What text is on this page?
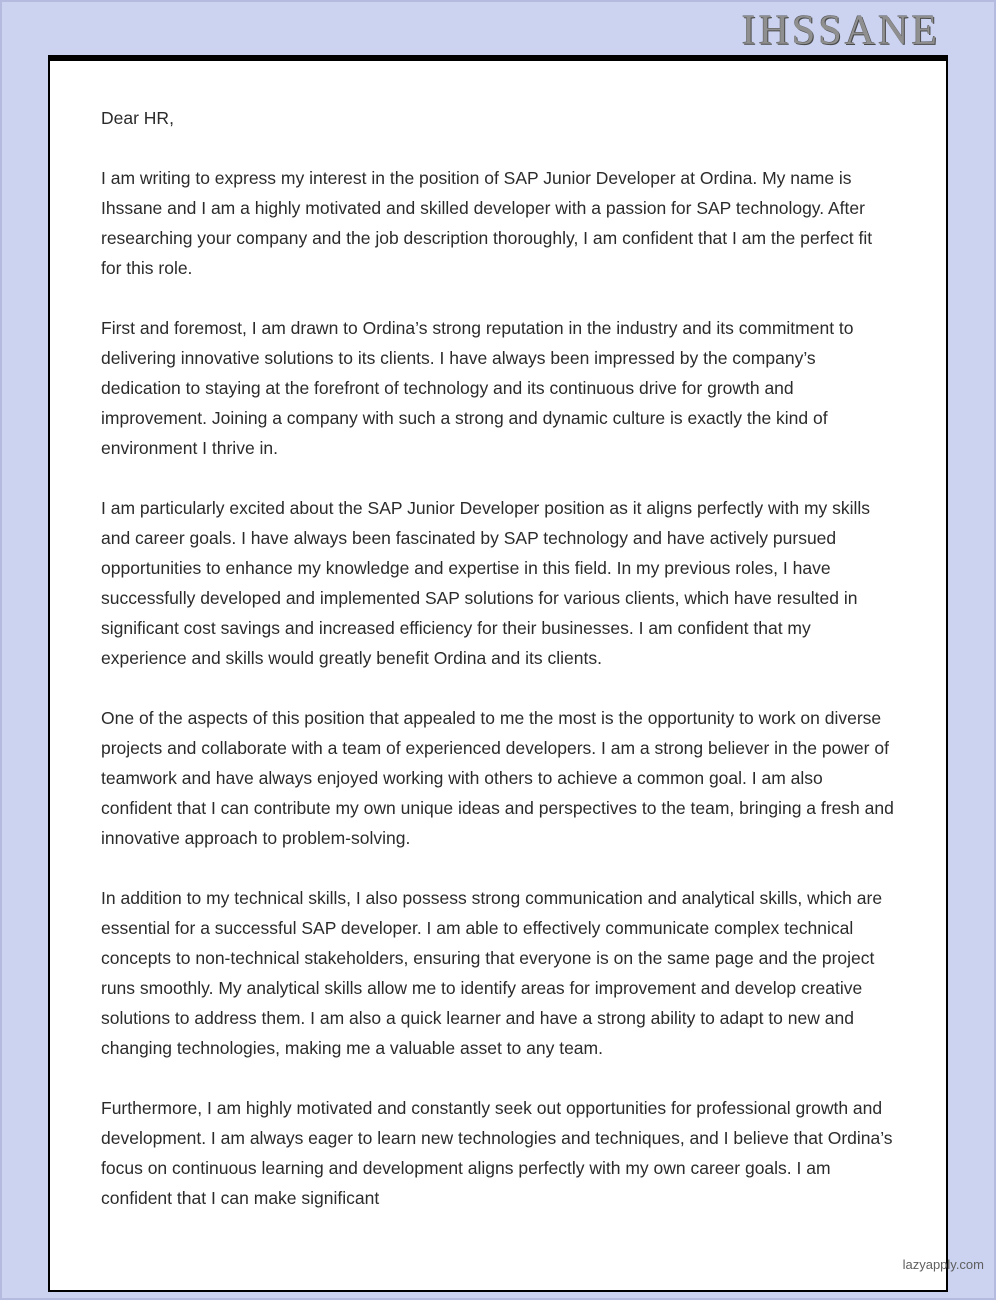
IHSSANE

Dear HR,

I am writing to express my interest in the position of SAP Junior Developer at Ordina. My name is Ihssane and I am a highly motivated and skilled developer with a passion for SAP technology. After researching your company and the job description thoroughly, I am confident that I am the perfect fit for this role.

First and foremost, I am drawn to Ordina’s strong reputation in the industry and its commitment to delivering innovative solutions to its clients. I have always been impressed by the company’s dedication to staying at the forefront of technology and its continuous drive for growth and improvement. Joining a company with such a strong and dynamic culture is exactly the kind of environment I thrive in.

I am particularly excited about the SAP Junior Developer position as it aligns perfectly with my skills and career goals. I have always been fascinated by SAP technology and have actively pursued opportunities to enhance my knowledge and expertise in this field. In my previous roles, I have successfully developed and implemented SAP solutions for various clients, which have resulted in significant cost savings and increased efficiency for their businesses. I am confident that my experience and skills would greatly benefit Ordina and its clients.

One of the aspects of this position that appealed to me the most is the opportunity to work on diverse projects and collaborate with a team of experienced developers. I am a strong believer in the power of teamwork and have always enjoyed working with others to achieve a common goal. I am also confident that I can contribute my own unique ideas and perspectives to the team, bringing a fresh and innovative approach to problem-solving.

In addition to my technical skills, I also possess strong communication and analytical skills, which are essential for a successful SAP developer. I am able to effectively communicate complex technical concepts to non-technical stakeholders, ensuring that everyone is on the same page and the project runs smoothly. My analytical skills allow me to identify areas for improvement and develop creative solutions to address them. I am also a quick learner and have a strong ability to adapt to new and changing technologies, making me a valuable asset to any team.

Furthermore, I am highly motivated and constantly seek out opportunities for professional growth and development. I am always eager to learn new technologies and techniques, and I believe that Ordina’s focus on continuous learning and development aligns perfectly with my own career goals. I am confident that I can make significant

lazyapply.com
